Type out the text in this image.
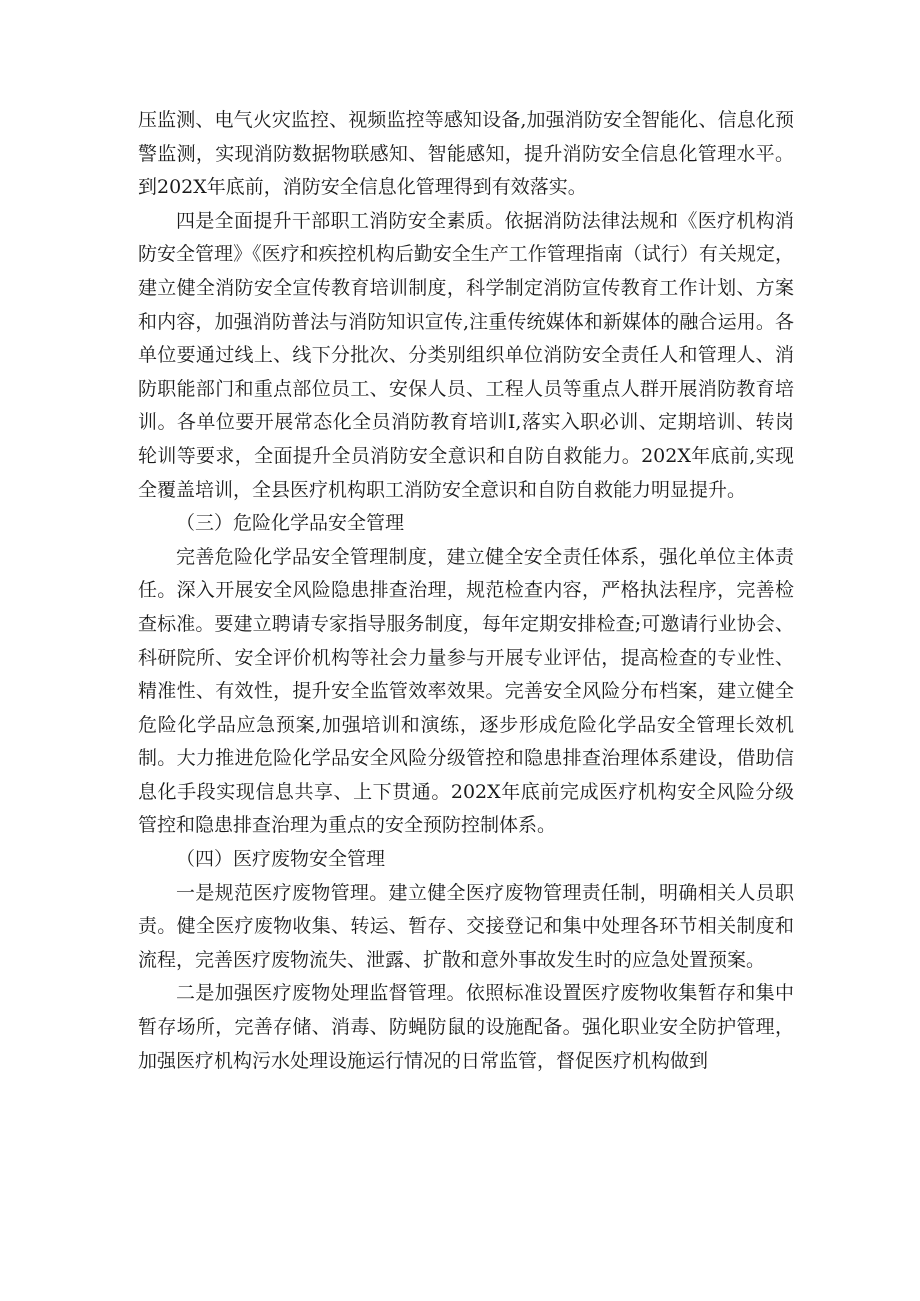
压监测、电气火灾监控、视频监控等感知设备,加强消防安全智能化、信息化预警监测，实现消防数据物联感知、智能感知，提升消防安全信息化管理水平。到202X年底前，消防安全信息化管理得到有效落实。

四是全面提升干部职工消防安全素质。依据消防法律法规和《医疗机构消防安全管理》《医疗和疾控机构后勤安全生产工作管理指南（试行）有关规定，建立健全消防安全宣传教育培训制度，科学制定消防宣传教育工作计划、方案和内容，加强消防普法与消防知识宣传,注重传统媒体和新媒体的融合运用。各单位要通过线上、线下分批次、分类别组织单位消防安全责任人和管理人、消防职能部门和重点部位员工、安保人员、工程人员等重点人群开展消防教育培训。各单位要开展常态化全员消防教育培训I,落实入职必训、定期培训、转岗轮训等要求，全面提升全员消防安全意识和自防自救能力。202X年底前,实现全覆盖培训，全县医疗机构职工消防安全意识和自防自救能力明显提升。

（三）危险化学品安全管理

完善危险化学品安全管理制度，建立健全安全责任体系，强化单位主体责任。深入开展安全风险隐患排查治理，规范检查内容，严格执法程序，完善检查标准。要建立聘请专家指导服务制度，每年定期安排检查;可邀请行业协会、科研院所、安全评价机构等社会力量参与开展专业评估，提高检查的专业性、精准性、有效性，提升安全监管效率效果。完善安全风险分布档案，建立健全危险化学品应急预案,加强培训和演练，逐步形成危险化学品安全管理长效机制。大力推进危险化学品安全风险分级管控和隐患排查治理体系建设，借助信息化手段实现信息共享、上下贯通。202X年底前完成医疗机构安全风险分级管控和隐患排查治理为重点的安全预防控制体系。

（四）医疗废物安全管理

一是规范医疗废物管理。建立健全医疗废物管理责任制，明确相关人员职责。健全医疗废物收集、转运、暂存、交接登记和集中处理各环节相关制度和流程，完善医疗废物流失、泄露、扩散和意外事故发生时的应急处置预案。

二是加强医疗废物处理监督管理。依照标准设置医疗废物收集暂存和集中暂存场所，完善存储、消毒、防蝇防鼠的设施配备。强化职业安全防护管理，加强医疗机构污水处理设施运行情况的日常监管，督促医疗机构做到
